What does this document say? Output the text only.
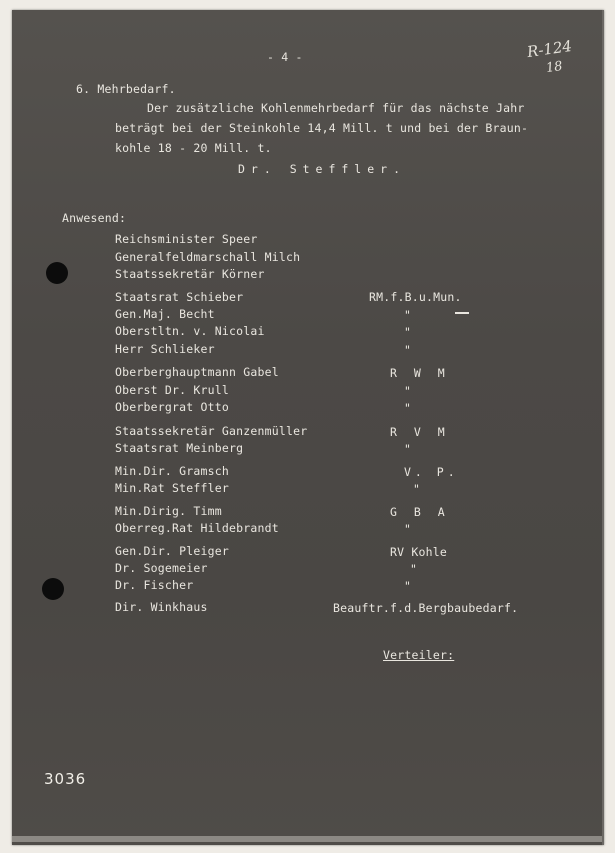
- 4 -	R-124
18
6. Mehrbedarf.
Der zusätzliche Kohlenmehrbedarf für das nächste Jahr
beträgt bei der Steinkohle 14,4 Mill. t und bei der Braun-
kohle 18 - 20 Mill. t.
Dr. Steffler.
Anwesend:
Reichsminister Speer
Generalfeldmarschall Milch
Staatssekretär Körner
Staatsrat Schieber	RM.f.B.u.Mun.
Gen.Maj. Becht	"
Oberstltn. v. Nicolai	"
Herr Schlieker	"
Oberberghauptmann Gabel	R W M
Oberst Dr. Krull	"
Oberbergrat Otto	"
Staatssekretär Ganzenmüller	R V M
Staatsrat Meinberg	"
Min.Dir. Gramsch	V. P.
Min.Rat Steffler	"
Min.Dirig. Timm	G B A
Oberreg.Rat Hildebrandt	"
Gen.Dir. Pleiger	RV Kohle
Dr. Sogemeier	"
Dr. Fischer	"
Dir. Winkhaus	Beauftr.f.d.Bergbaubedarf.
Verteiler:
3036
